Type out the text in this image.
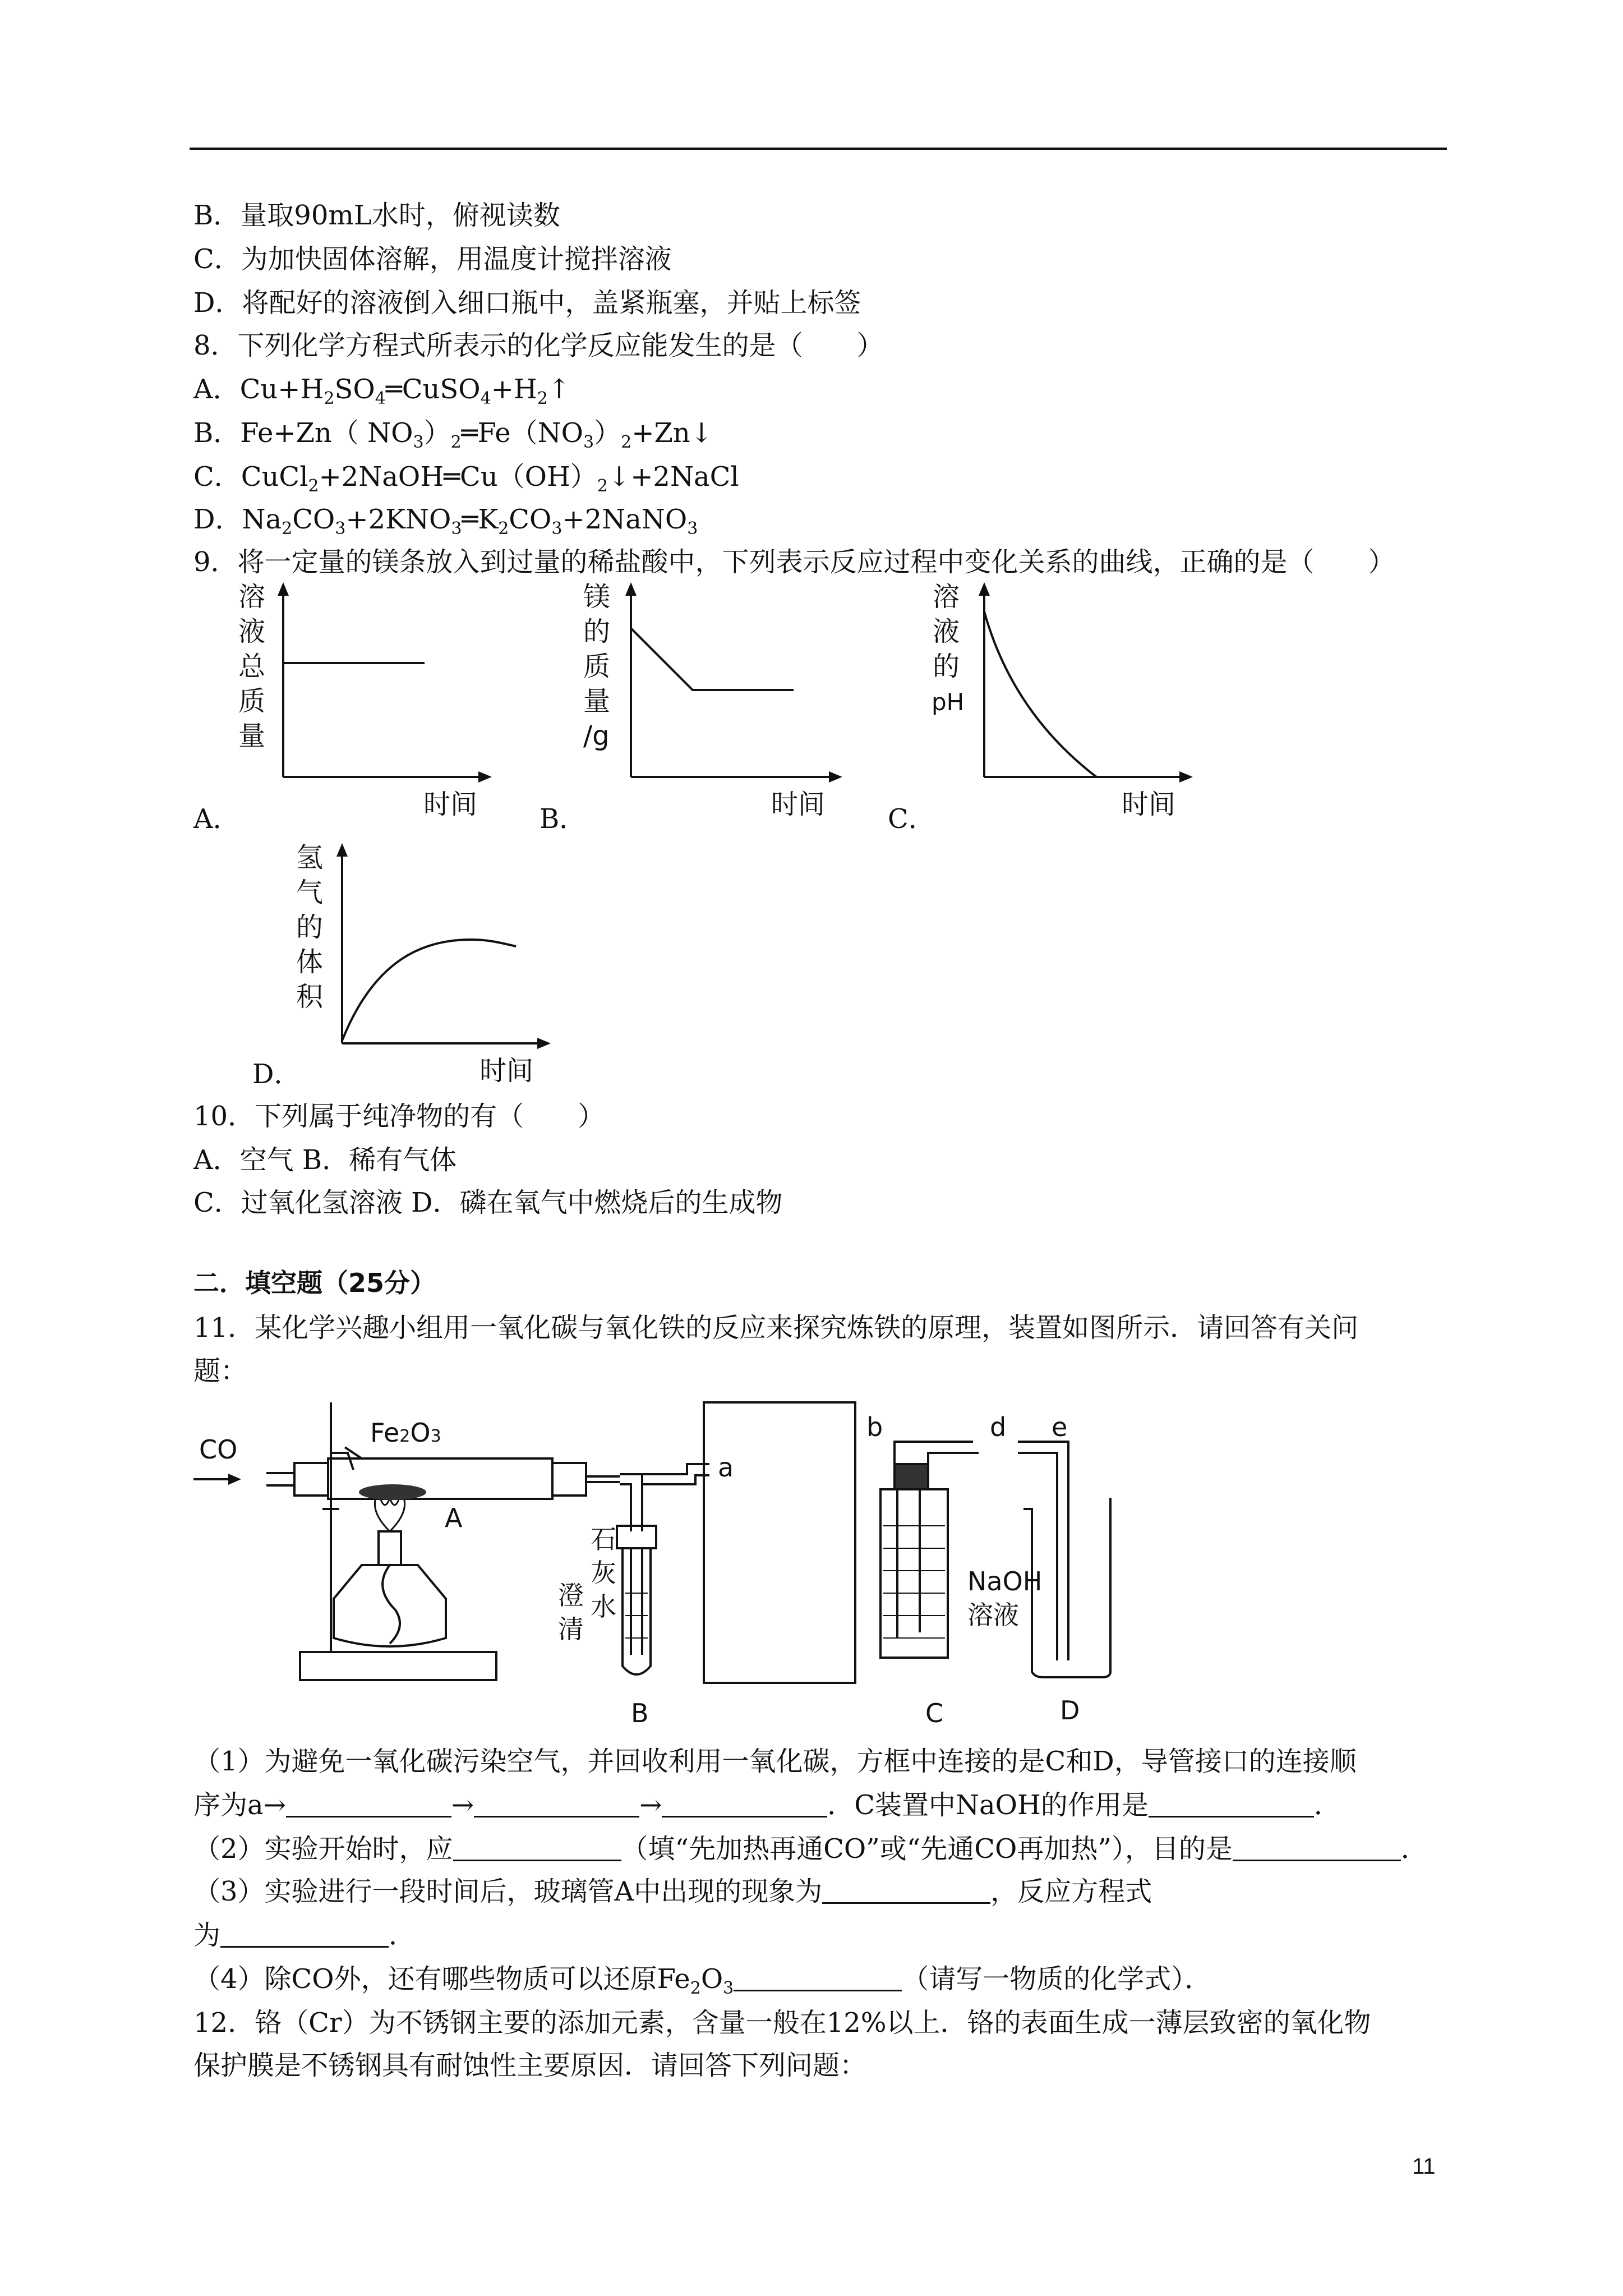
B．量取90mL水时，俯视读数
C．为加快固体溶解，用温度计搅拌溶液
D．将配好的溶液倒入细口瓶中，盖紧瓶塞，并贴上标签
8．下列化学方程式所表示的化学反应能发生的是（　　）
A．$Cu+H_2SO_4═CuSO_4+H_2↑$
B．Fe+Zn（ $NO_3)_2═Fe(NO_3)_2+Zn↓$
C．$CuCl_2+2NaOH═Cu(OH)_2↓+2NaCl$
D．$Na_2CO_3+2KNO_3═K_2CO_3+2NaNO_3$
9．将一定量的镁条放入到过量的稀盐酸中，下列表示反应过程中变化关系的曲线，正确的是（　　）
溶
液
总
质
量
时间
A．
镁
的
质
量
/g
时间
B．
溶
液
的
pH
时间
C．
氢
气
的
体
积
时间
D．
10．下列属于纯净物的有（　　）
A．空气 B．稀有气体
C．过氧化氢溶液 D．磷在氧气中燃烧后的生成物
二．填空题（25分）
11．某化学兴趣小组用一氧化碳与氧化铁的反应来探究炼铁的原理，装置如图所示．请回答有关问
题：
CO
Fe2O3
A
a
b	d e
澄
清
石
灰
水
NaOH
溶液
B	C	D
（1）为避免一氧化碳污染空气，并回收利用一氧化碳，方框中连接的是C和D，导管接口的连接顺
序为a→	→	→	．C装置中NaOH的作用是	．
（2）实验开始时，应	（填“先加热再通CO”或“先通CO再加热”），目的是	．
（3）实验进行一段时间后，玻璃管A中出现的现象为	，反应方程式
为	．
（4）除CO外，还有哪些物质可以还原$Fe_2O_3$	（请写一物质的化学式）．
12．铬（Cr）为不锈钢主要的添加元素，含量一般在12%以上．铬的表面生成一薄层致密的氧化物
保护膜是不锈钢具有耐蚀性主要原因．请回答下列问题：
11
